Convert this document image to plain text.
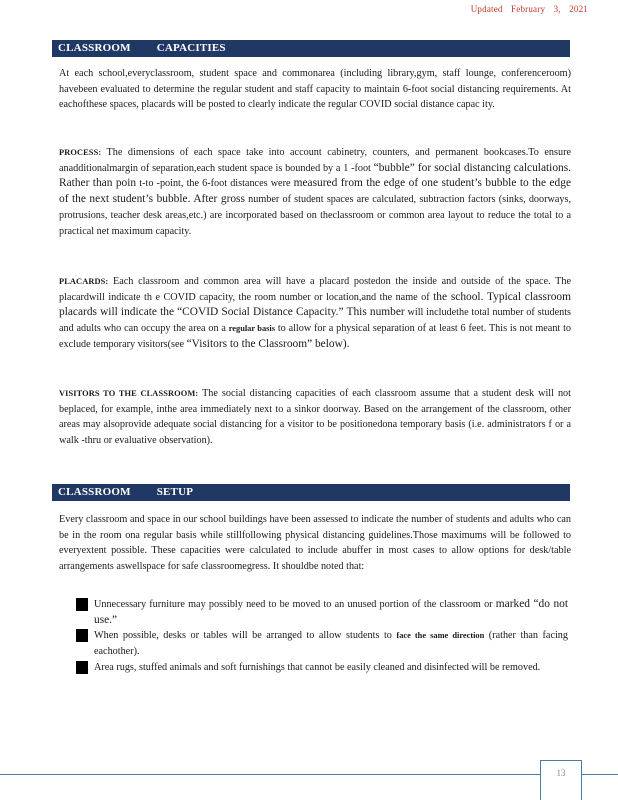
Updated February 3, 2021
CLASSROOM CAPACITIES

At each school,everyclassroom, student space and commonarea (including library,gym, staff lounge, conferenceroom) havebeen evaluated to determine the regular student and staff capacity to maintain 6-foot social distancing requirements. At eachofthese spaces, placards will be posted to clearly indicate the regular COVID social distance capac ity.

PROCESS: The dimensions of each space take into account cabinetry, counters, and permanent bookcases.To ensure anadditionalmargin of separation,each student space is bounded by a 1 -foot “bubble” for social distancing calculations. Rather than poin t-to -point, the 6-foot distances were measured from the edge of one student’s bubble to the edge of the next student’s bubble. After gross number of student spaces are calculated, subtraction factors (sinks, doorways, protrusions, teacher desk areas,etc.) are incorporated based on theclassroom or common area layout to reduce the total to a practical net maximum capacity.

PLACARDS: Each classroom and common area will have a placard postedon the inside and outside of the space. The placardwill indicate th e COVID capacity, the room number or location,and the name of the school. Typical classroom placards will indicate the “COVID Social Distance Capacity.” This number will includethe total number of students and adults who can occupy the area on a regular basis to allow for a physical separation of at least 6 feet. This is not meant to exclude temporary visitors(see “Visitors to the Classroom” below).

VISITORS TO THE CLASSROOM: The social distancing capacities of each classroom assume that a student desk will not beplaced, for example, inthe area immediately next to a sinkor doorway. Based on the arrangement of the classroom, other areas may alsoprovide adequate social distancing for a visitor to be positionedona temporary basis (i.e. administrators f or a walk -thru or evaluative observation).

CLASSROOM SETUP

Every classroom and space in our school buildings have been assessed to indicate the number of students and adults who can be in the room ona regular basis while stillfollowing physical distancing guidelines.Those maximums will be followed to everyextent possible. These capacities were calculated to include abuffer in most cases to allow options for desk/table arrangements aswellspace for safe classroomegress. It shouldbe noted that:

Unnecessary furniture may possibly need to be moved to an unused portion of the classroom or marked “do not use.”
When possible, desks or tables will be arranged to allow students to face the same direction (rather than facing eachother).
Area rugs, stuffed animals and soft furnishings that cannot be easily cleaned and disinfected will be removed.
13
